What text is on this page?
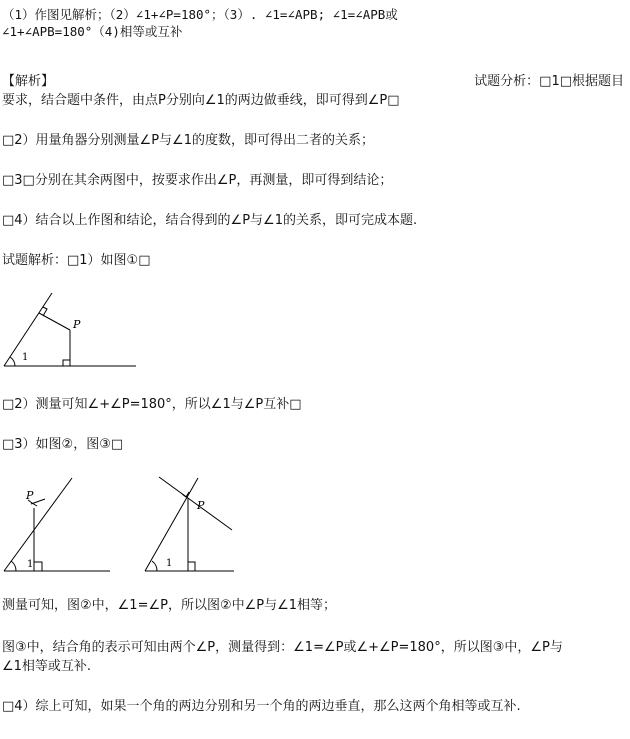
（1）作图见解析；（2）∠1+∠P=180°；（3）. ∠1=∠APB; ∠1=∠APB或
∠1+∠APB=180°（4)相等或互补
【解析】	试题分析：□1□根据题目
要求，结合题中条件，由点P分别向∠1的两边做垂线，即可得到∠P□
□2）用量角器分别测量∠P与∠1的度数，即可得出二者的关系；
□3□分别在其余两图中，按要求作出∠P，再测量，即可得到结论；
□4）结合以上作图和结论，结合得到的∠P与∠1的关系，即可完成本题.
试题解析：□1）如图①□
1
P
□2）测量可知∠+∠P=180°，所以∠1与∠P互补□
□3）如图②，图③□
1
P
1
P
测量可知，图②中，∠1=∠P，所以图②中∠P与∠1相等；
图③中，结合角的表示可知由两个∠P，测量得到：∠1=∠P或∠+∠P=180°，所以图③中，∠P与
∠1相等或互补.
□4）综上可知，如果一个角的两边分别和另一个角的两边垂直，那么这两个角相等或互补.
